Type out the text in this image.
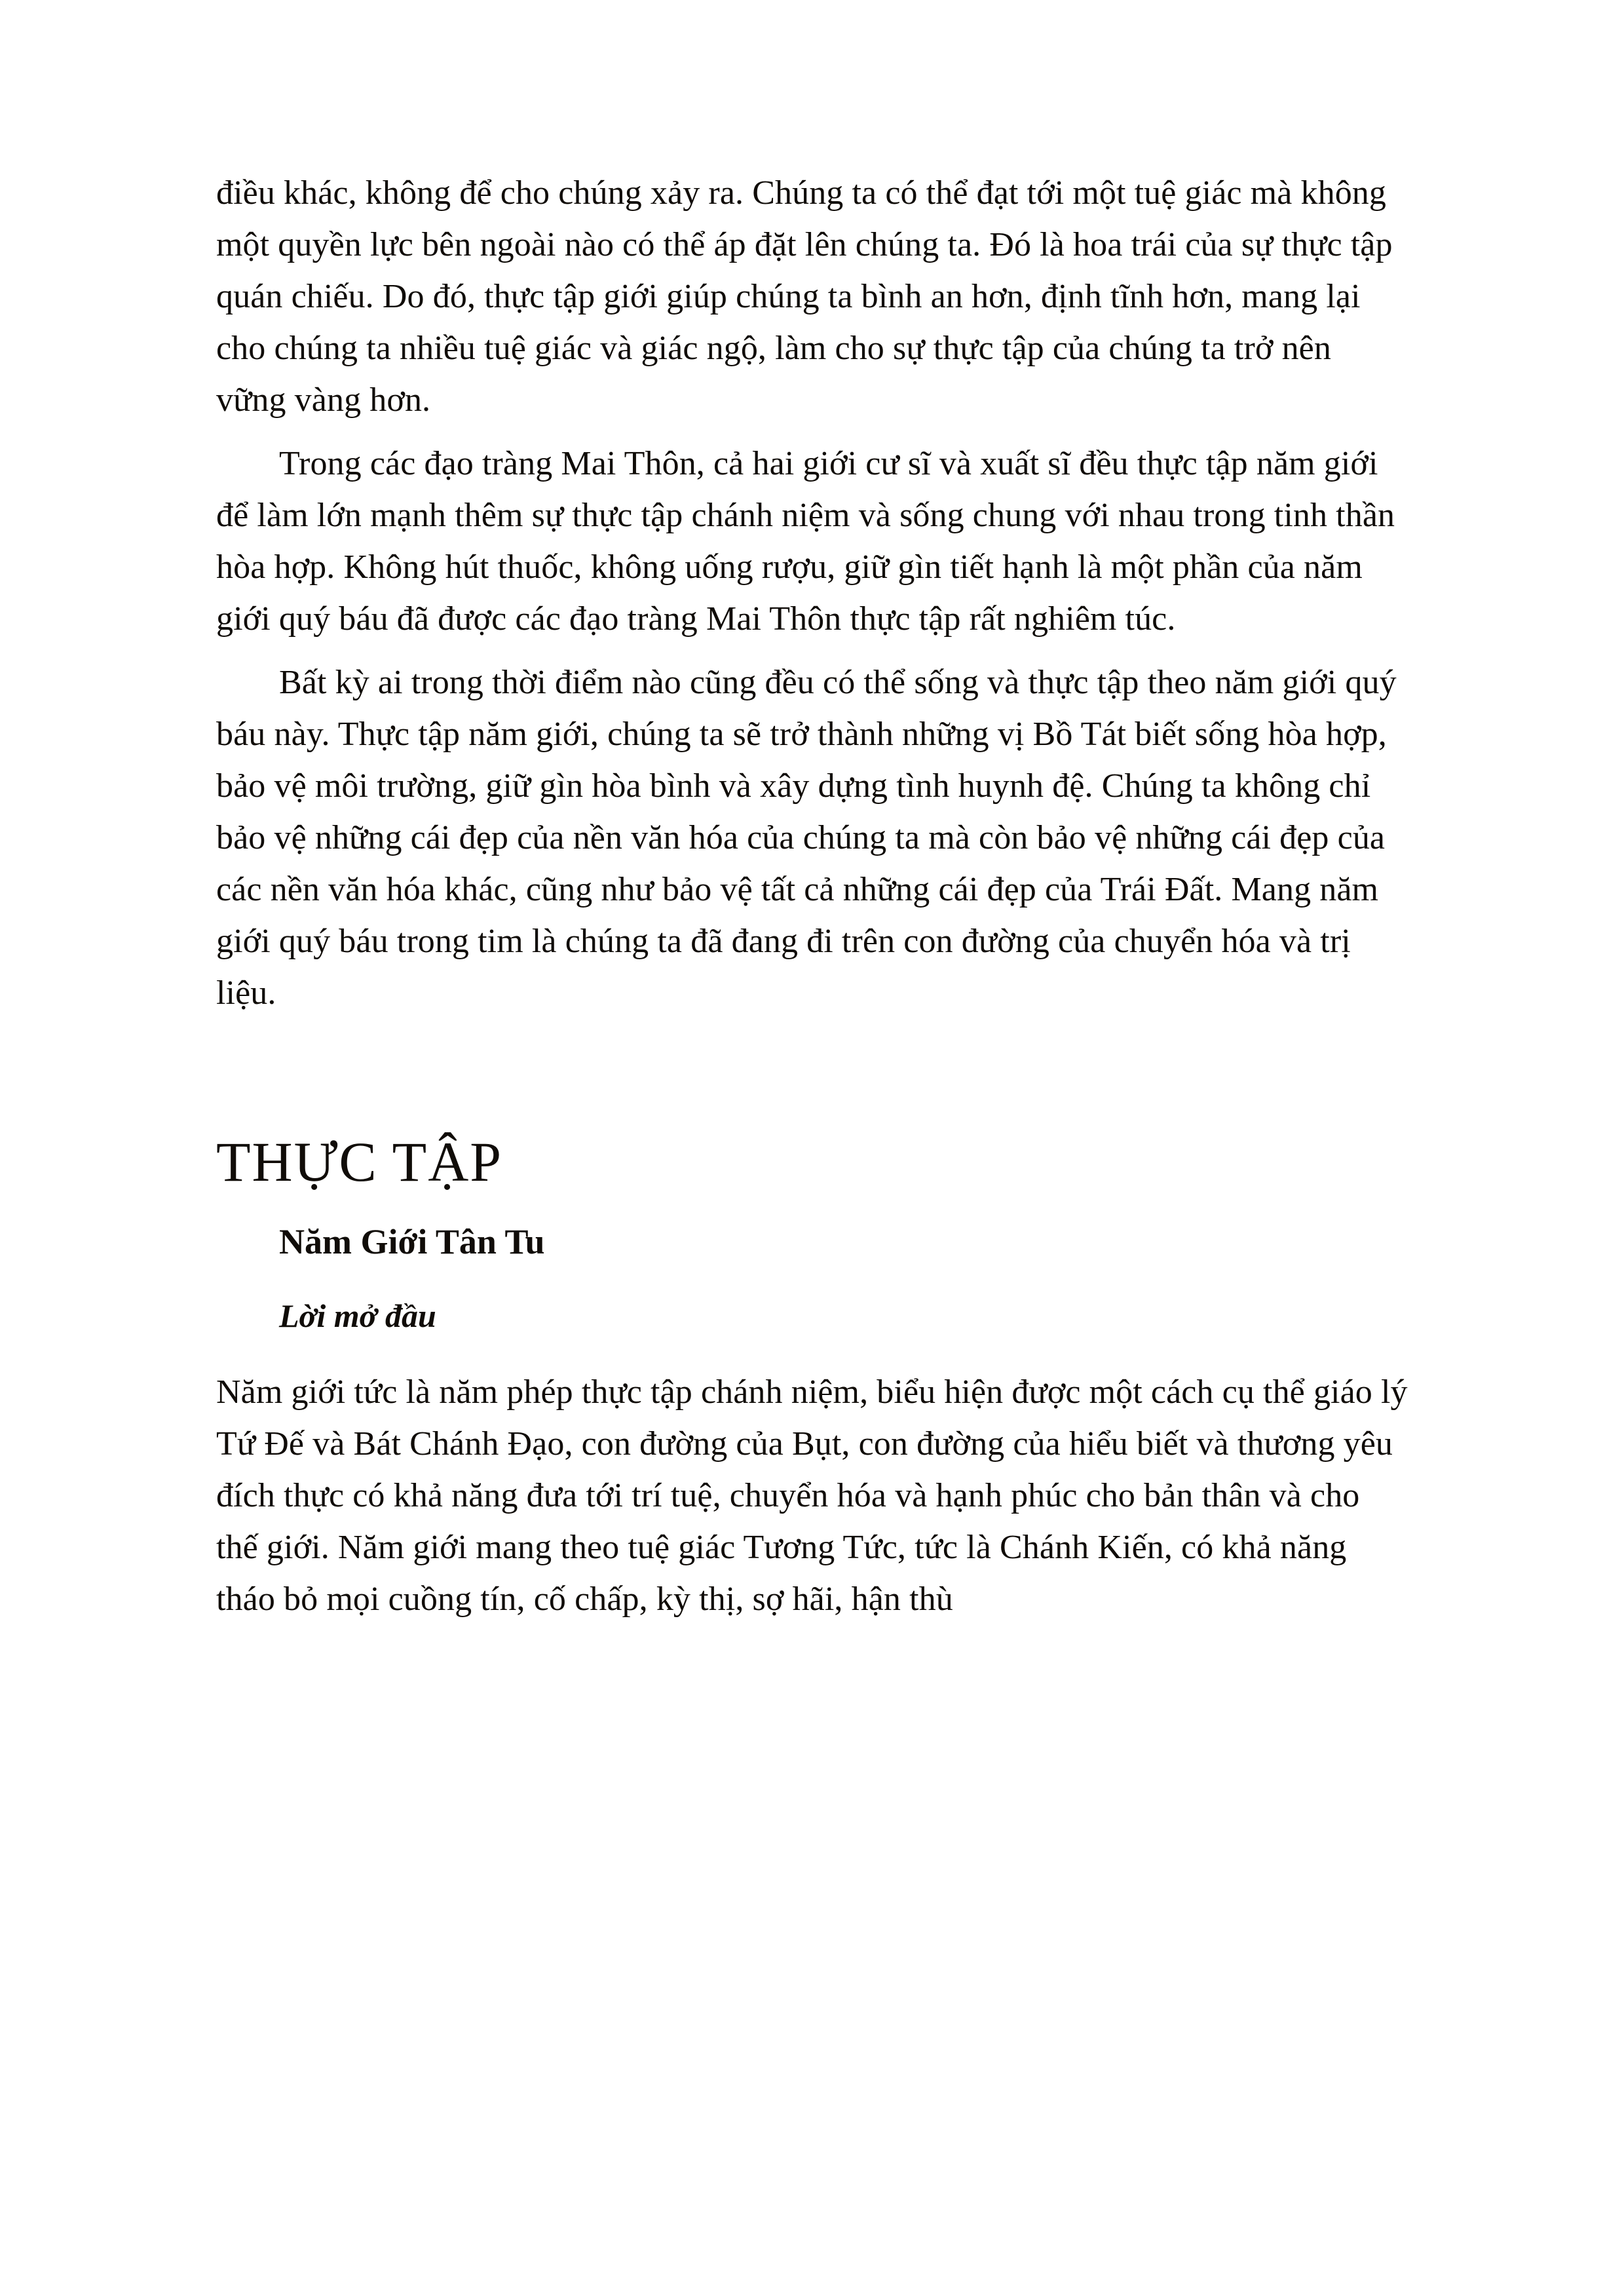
điều khác, không để cho chúng xảy ra. Chúng ta có thể đạt tới một tuệ giác mà không một quyền lực bên ngoài nào có thể áp đặt lên chúng ta. Đó là hoa trái của sự thực tập quán chiếu. Do đó, thực tập giới giúp chúng ta bình an hơn, định tĩnh hơn, mang lại cho chúng ta nhiều tuệ giác và giác ngộ, làm cho sự thực tập của chúng ta trở nên vững vàng hơn.

Trong các đạo tràng Mai Thôn, cả hai giới cư sĩ và xuất sĩ đều thực tập năm giới để làm lớn mạnh thêm sự thực tập chánh niệm và sống chung với nhau trong tinh thần hòa hợp. Không hút thuốc, không uống rượu, giữ gìn tiết hạnh là một phần của năm giới quý báu đã được các đạo tràng Mai Thôn thực tập rất nghiêm túc.

Bất kỳ ai trong thời điểm nào cũng đều có thể sống và thực tập theo năm giới quý báu này. Thực tập năm giới, chúng ta sẽ trở thành những vị Bồ Tát biết sống hòa hợp, bảo vệ môi trường, giữ gìn hòa bình và xây dựng tình huynh đệ. Chúng ta không chỉ bảo vệ những cái đẹp của nền văn hóa của chúng ta mà còn bảo vệ những cái đẹp của các nền văn hóa khác, cũng như bảo vệ tất cả những cái đẹp của Trái Đất. Mang năm giới quý báu trong tim là chúng ta đã đang đi trên con đường của chuyển hóa và trị liệu.

THỰC TẬP
Năm Giới Tân Tu
Lời mở đầu

Năm giới tức là năm phép thực tập chánh niệm, biểu hiện được một cách cụ thể giáo lý Tứ Đế và Bát Chánh Đạo, con đường của Bụt, con đường của hiểu biết và thương yêu đích thực có khả năng đưa tới trí tuệ, chuyển hóa và hạnh phúc cho bản thân và cho thế giới. Năm giới mang theo tuệ giác Tương Tức, tức là Chánh Kiến, có khả năng tháo bỏ mọi cuồng tín, cố chấp, kỳ thị, sợ hãi, hận thù
